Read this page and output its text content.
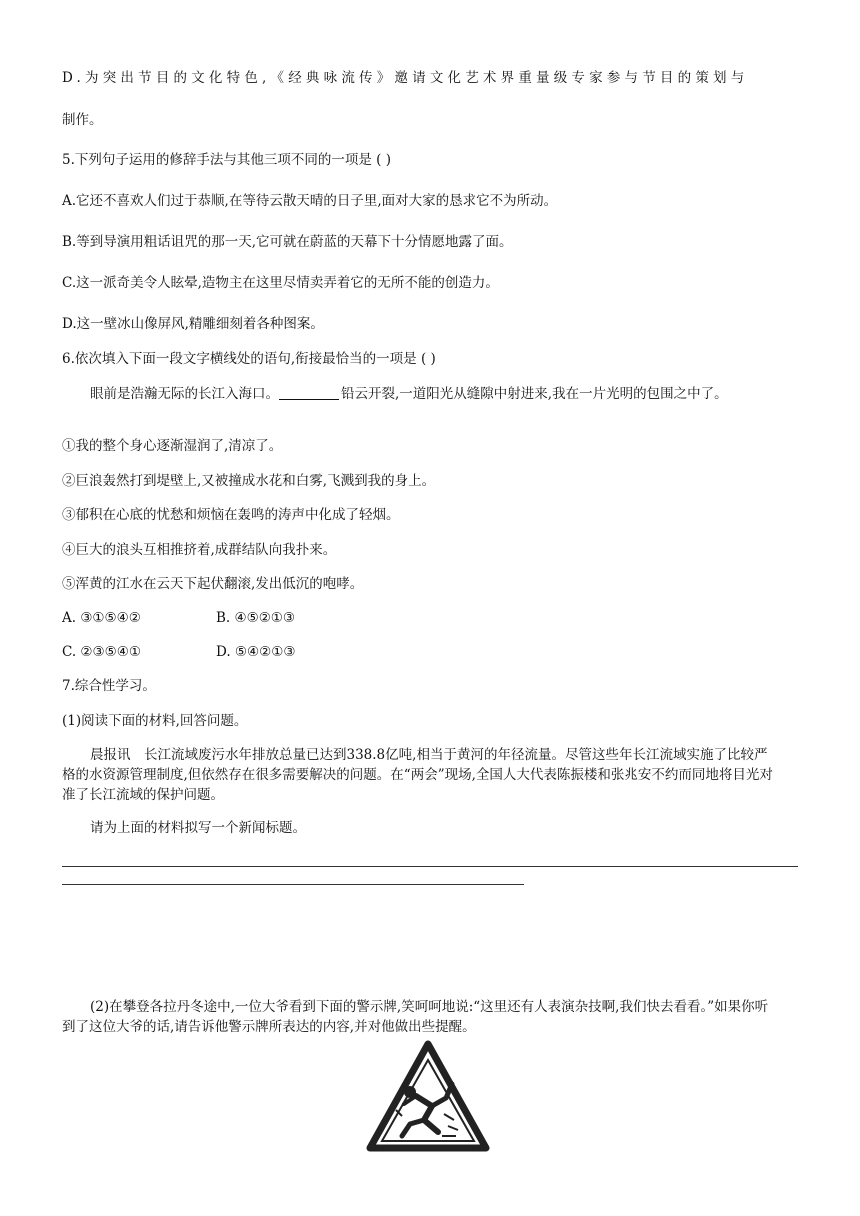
D.为突出节目的文化特色,《经典咏流传》邀请文化艺术界重量级专家参与节目的策划与
制作。
5.下列句子运用的修辞手法与其他三项不同的一项是 ( )
A.它还不喜欢人们过于恭顺,在等待云散天晴的日子里,面对大家的恳求它不为所动。
B.等到导演用粗话诅咒的那一天,它可就在蔚蓝的天幕下十分情愿地露了面。
C.这一派奇美令人眩晕,造物主在这里尽情卖弄着它的无所不能的创造力。
D.这一壁冰山像屏风,精雕细刻着各种图案。
6.依次填入下面一段文字横线处的语句,衔接最恰当的一项是 ( )
眼前是浩瀚无际的长江入海口。	铅云开裂,一道阳光从缝隙中射进来,我在一片光明的包围之中了。
①我的整个身心逐渐湿润了,清凉了。
②巨浪轰然打到堤壁上,又被撞成水花和白雾,飞溅到我的身上。
③郁积在心底的忧愁和烦恼在轰鸣的涛声中化成了轻烟。
④巨大的浪头互相推挤着,成群结队向我扑来。
⑤浑黄的江水在云天下起伏翻滚,发出低沉的咆哮。
A. ③①⑤④②	B. ④⑤②①③
C. ②③⑤④①	D. ⑤④②①③
7.综合性学习。
(1)阅读下面的材料,回答问题。
晨报讯　长江流域废污水年排放总量已达到338.8亿吨,相当于黄河的年径流量。尽管这些年长江流域实施了比较严格的水资源管理制度,但依然存在很多需要解决的问题。在“两会”现场,全国人大代表陈振楼和张兆安不约而同地将目光对准了长江流域的保护问题。
请为上面的材料拟写一个新闻标题。
(2)在攀登各拉丹冬途中,一位大爷看到下面的警示牌,笑呵呵地说:“这里还有人表演杂技啊,我们快去看看。”如果你听到了这位大爷的话,请告诉他警示牌所表达的内容,并对他做出些提醒。
